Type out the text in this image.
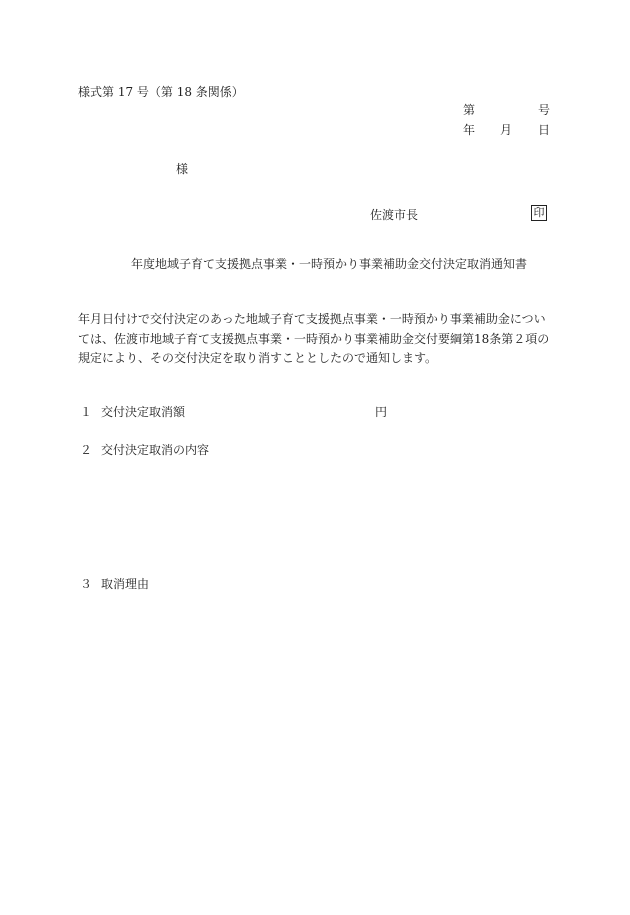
様式第 17 号（第 18 条関係）
第	号
年 月 日
様
佐渡市長	印
年度地域子育て支援拠点事業・一時預かり事業補助金交付決定取消通知書
年月日付けで交付決定のあった地域子育て支援拠点事業・一時預かり事業補助金については、佐渡市地域子育て支援拠点事業・一時預かり事業補助金交付要綱第18条第２項の規定により、その交付決定を取り消すこととしたので通知します。
１ 交付決定取消額	円
２ 交付決定取消の内容
３ 取消理由
